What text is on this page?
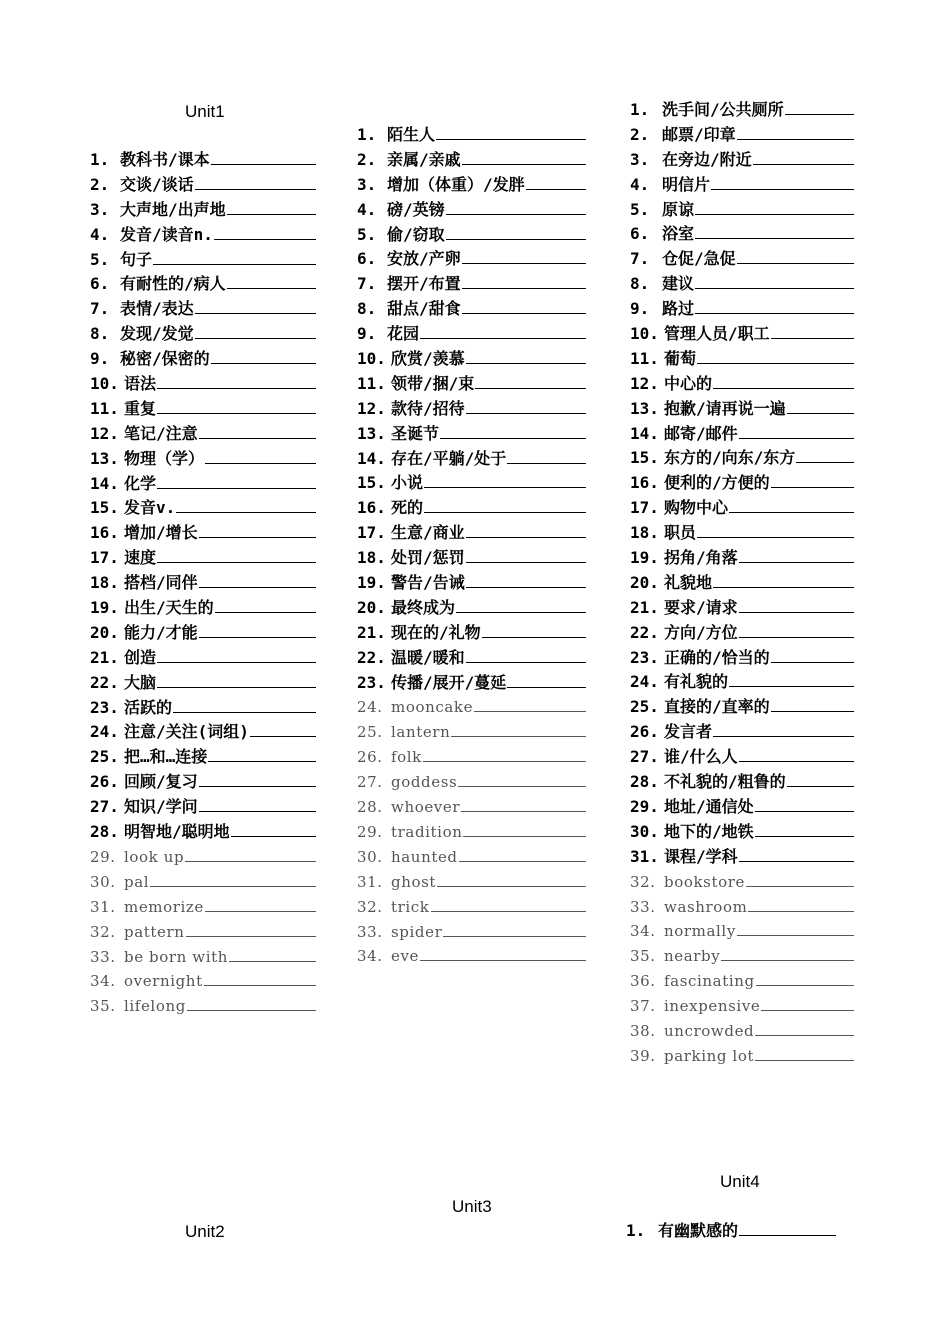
Unit1
Unit2
Unit3
Unit4
1. 教科书/课本
2. 交谈/谈话
3. 大声地/出声地
4. 发音/读音n.
5. 句子
6. 有耐性的/病人
7. 表情/表达
8. 发现/发觉
9. 秘密/保密的
10. 语法
11. 重复
12. 笔记/注意
13. 物理（学）
14. 化学
15. 发音v.
16. 增加/增长
17. 速度
18. 搭档/同伴
19. 出生/天生的
20. 能力/才能
21. 创造
22. 大脑
23. 活跃的
24. 注意/关注(词组)
25. 把…和…连接
26. 回顾/复习
27. 知识/学问
28. 明智地/聪明地
29. look up
30. pal
31. memorize
32. pattern
33. be born with
34. overnight
35. lifelong
1. 陌生人
2. 亲属/亲戚
3. 增加（体重）/发胖
4. 磅/英镑
5. 偷/窃取
6. 安放/产卵
7. 摆开/布置
8. 甜点/甜食
9. 花园
10. 欣赏/羡慕
11. 领带/捆/束
12. 款待/招待
13. 圣诞节
14. 存在/平躺/处于
15. 小说
16. 死的
17. 生意/商业
18. 处罚/惩罚
19. 警告/告诫
20. 最终成为
21. 现在的/礼物
22. 温暖/暖和
23. 传播/展开/蔓延
24. mooncake
25. lantern
26. folk
27. goddess
28. whoever
29. tradition
30. haunted
31. ghost
32. trick
33. spider
34. eve
1. 洗手间/公共厕所
2. 邮票/印章
3. 在旁边/附近
4. 明信片
5. 原谅
6. 浴室
7. 仓促/急促
8. 建议
9. 路过
10. 管理人员/职工
11. 葡萄
12. 中心的
13. 抱歉/请再说一遍
14. 邮寄/邮件
15. 东方的/向东/东方
16. 便利的/方便的
17. 购物中心
18. 职员
19. 拐角/角落
20. 礼貌地
21. 要求/请求
22. 方向/方位
23. 正确的/恰当的
24. 有礼貌的
25. 直接的/直率的
26. 发言者
27. 谁/什么人
28. 不礼貌的/粗鲁的
29. 地址/通信处
30. 地下的/地铁
31. 课程/学科
32. bookstore
33. washroom
34. normally
35. nearby
36. fascinating
37. inexpensive
38. uncrowded
39. parking lot
1. 有幽默感的
